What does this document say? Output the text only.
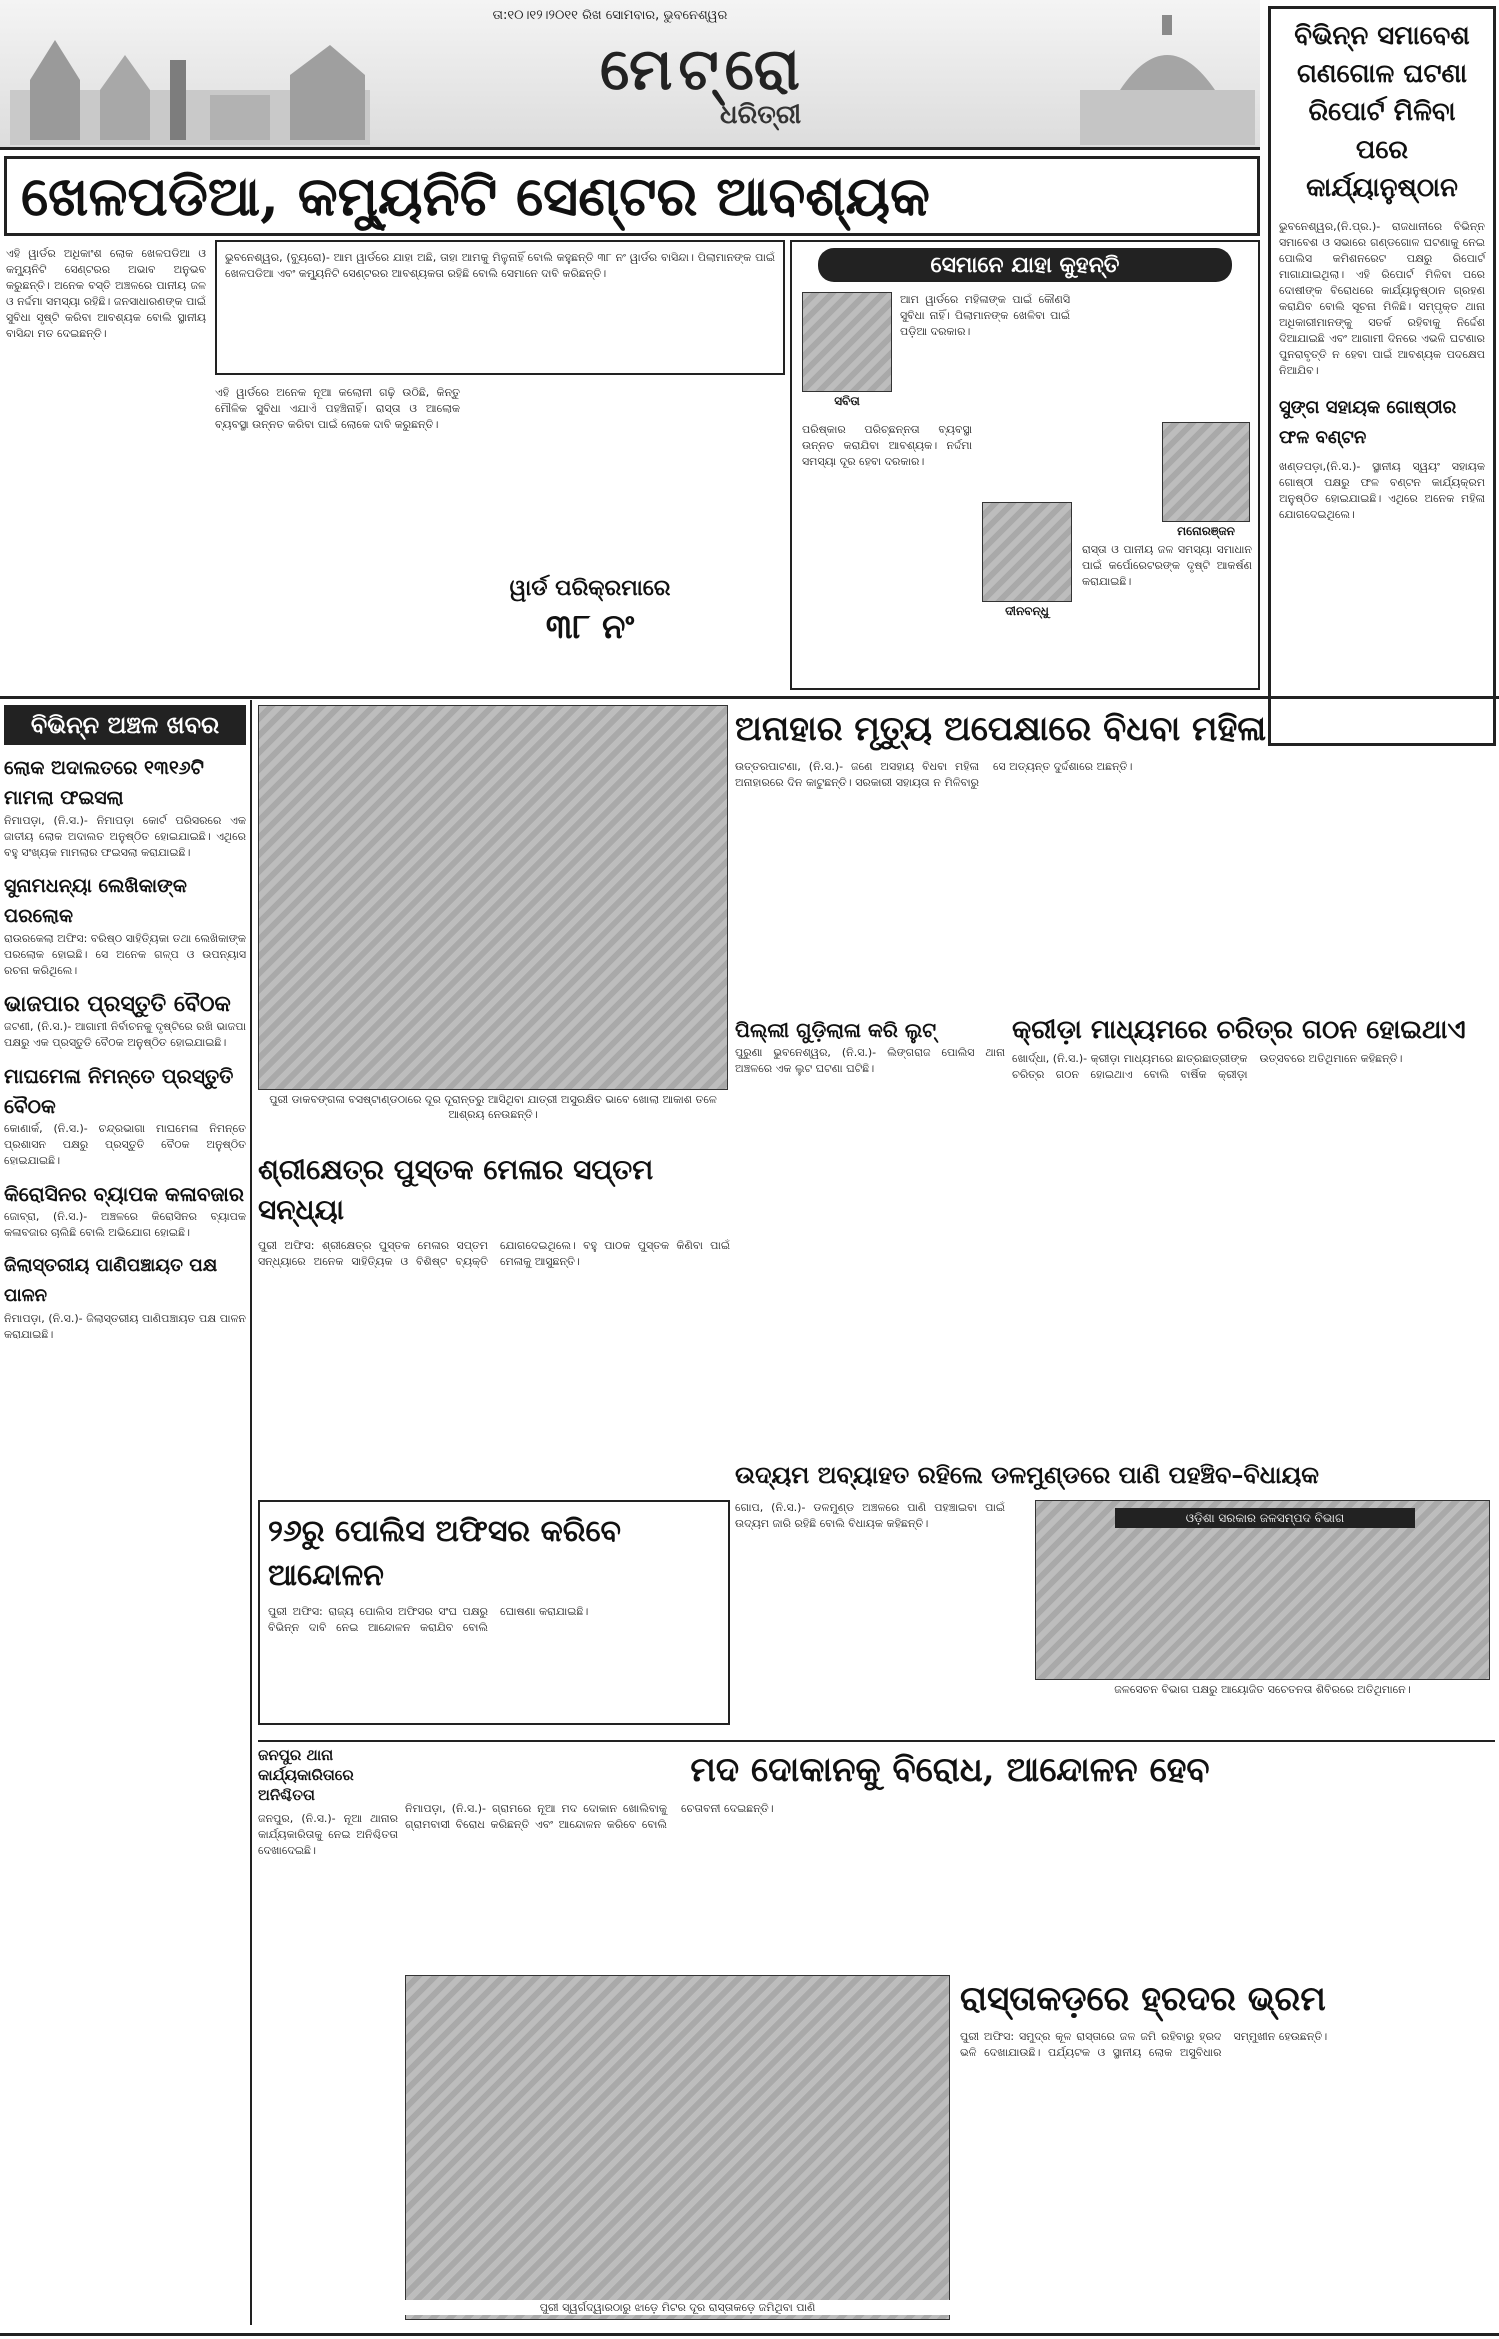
ତା:୧୦।୧୨।୨୦୧୧ ରିଖ ସୋମବାର, ଭୁବନେଶ୍ୱର
ମେଟ୍ରୋ
ଧରିତ୍ରୀ
ବିଭିନ୍ନ ସମାବେଶ ଗଣଗୋଳ ଘଟଣା ରିପୋର୍ଟ ମିଳିବା ପରେ କାର୍ଯ୍ୟାନୁଷ୍ଠାନ
ଭୁବନେଶ୍ୱର,(ନି.ପ୍ର.)- ରାଜଧାନୀରେ ବିଭିନ୍ନ ସମାବେଶ ଓ ସଭାରେ ଗଣ୍ଡଗୋଳ ଘଟଣାକୁ ନେଇ ପୋଲିସ କମିଶନରେଟ ପକ୍ଷରୁ ରିପୋର୍ଟ ମାଗାଯାଇଥିଲା। ଏହି ରିପୋର୍ଟ ମିଳିବା ପରେ ଦୋଷୀଙ୍କ ବିରୋଧରେ କାର୍ଯ୍ୟାନୁଷ୍ଠାନ ଗ୍ରହଣ କରାଯିବ ବୋଲି ସୂଚନା ମିଳିଛି। ସମ୍ପୃକ୍ତ ଥାନା ଅଧିକାରୀମାନଙ୍କୁ ସତର୍କ ରହିବାକୁ ନିର୍ଦ୍ଦେଶ ଦିଆଯାଇଛି ଏବଂ ଆଗାମୀ ଦିନରେ ଏଭଳି ଘଟଣାର ପୁନରାବୃତ୍ତି ନ ହେବା ପାଇଁ ଆବଶ୍ୟକ ପଦକ୍ଷେପ ନିଆଯିବ।
ସୁଙ୍ଗ ସହାୟକ ଗୋଷ୍ଠୀର ଫଳ ବଣ୍ଟନ
ଖଣ୍ଡପଡ଼ା,(ନି.ସ.)- ସ୍ଥାନୀୟ ସ୍ୱୟଂ ସହାୟକ ଗୋଷ୍ଠୀ ପକ୍ଷରୁ ଫଳ ବଣ୍ଟନ କାର୍ଯ୍ୟକ୍ରମ ଅନୁଷ୍ଠିତ ହୋଇଯାଇଛି। ଏଥିରେ ଅନେକ ମହିଳା ଯୋଗଦେଇଥିଲେ।
ଖେଳପଡିଆ, କମ୍ୟୁନିଟି ସେଣ୍ଟର ଆବଶ୍ୟକ
ଏହି ୱାର୍ଡର ଅଧିକାଂଶ ଲୋକ ଖେଳପଡିଆ ଓ କମ୍ୟୁନିଟି ସେଣ୍ଟରର ଅଭାବ ଅନୁଭବ କରୁଛନ୍ତି। ଅନେକ ବସ୍ତି ଅଞ୍ଚଳରେ ପାନୀୟ ଜଳ ଓ ନର୍ଦ୍ଦମା ସମସ୍ୟା ରହିଛି। ଜନସାଧାରଣଙ୍କ ପାଇଁ ସୁବିଧା ସୃଷ୍ଟି କରିବା ଆବଶ୍ୟକ ବୋଲି ସ୍ଥାନୀୟ ବାସିନ୍ଦା ମତ ଦେଇଛନ୍ତି।
ଭୁବନେଶ୍ୱର, (ବ୍ୟୁରୋ)- ଆମ ୱାର୍ଡରେ ଯାହା ଅଛି, ତାହା ଆମକୁ ମିଳୁନାହିଁ ବୋଲି କହୁଛନ୍ତି ୩୮ ନଂ ୱାର୍ଡର ବାସିନ୍ଦା। ପିଲାମାନଙ୍କ ପାଇଁ ଖେଳପଡିଆ ଏବଂ କମ୍ୟୁନିଟି ସେଣ୍ଟରର ଆବଶ୍ୟକତା ରହିଛି ବୋଲି ସେମାନେ ଦାବି କରିଛନ୍ତି।
ଏହି ୱାର୍ଡରେ ଅନେକ ନୂଆ କଲୋନୀ ଗଢ଼ି ଉଠିଛି, କିନ୍ତୁ ମୌଳିକ ସୁବିଧା ଏଯାଏଁ ପହଞ୍ଚିନାହିଁ। ରାସ୍ତା ଓ ଆଲୋକ ବ୍ୟବସ୍ଥା ଉନ୍ନତ କରିବା ପାଇଁ ଲୋକେ ଦାବି କରୁଛନ୍ତି।
ୱାର୍ଡ ପରିକ୍ରମାରେ
୩୮ ନଂ
ସେମାନେ ଯାହା କୁହନ୍ତି
ସବିତା
ଆମ ୱାର୍ଡରେ ମହିଳାଙ୍କ ପାଇଁ କୌଣସି ସୁବିଧା ନାହିଁ। ପିଲାମାନଙ୍କ ଖେଳିବା ପାଇଁ ପଡ଼ିଆ ଦରକାର।
ପରିଷ୍କାର ପରିଚ୍ଛନ୍ନତା ବ୍ୟବସ୍ଥା ଉନ୍ନତ କରାଯିବା ଆବଶ୍ୟକ। ନର୍ଦ୍ଦମା ସମସ୍ୟା ଦୂର ହେବା ଦରକାର।
ଦୀନବନ୍ଧୁ
ମନୋରଞ୍ଜନ
ରାସ୍ତା ଓ ପାନୀୟ ଜଳ ସମସ୍ୟା ସମାଧାନ ପାଇଁ କର୍ପୋରେଟରଙ୍କ ଦୃଷ୍ଟି ଆକର୍ଷଣ କରାଯାଇଛି।
ବିଭିନ୍ନ ଅଞ୍ଚଳ ଖବର
ଲୋକ ଅଦାଲତରେ ୧୩୧୬ଟି ମାମଲା ଫଇସଲା
ନିମାପଡ଼ା, (ନି.ସ.)- ନିମାପଡ଼ା କୋର୍ଟ ପରିସରରେ ଏକ ଜାତୀୟ ଲୋକ ଅଦାଲତ ଅନୁଷ୍ଠିତ ହୋଇଯାଇଛି। ଏଥିରେ ବହୁ ସଂଖ୍ୟକ ମାମଲାର ଫଇସଲା କରାଯାଇଛି।
ସୁନାମଧନ୍ୟା ଲେଖିକାଙ୍କ ପରଲୋକ
ରାଉରକେଲା ଅଫିସ: ବରିଷ୍ଠ ସାହିତ୍ୟିକା ତଥା ଲେଖିକାଙ୍କ ପରଲୋକ ହୋଇଛି। ସେ ଅନେକ ଗଳ୍ପ ଓ ଉପନ୍ୟାସ ରଚନା କରିଥିଲେ।
ଭାଜପାର ପ୍ରସ୍ତୁତି ବୈଠକ
ଜଟଣୀ, (ନି.ସ.)- ଆଗାମୀ ନିର୍ବାଚନକୁ ଦୃଷ୍ଟିରେ ରଖି ଭାଜପା ପକ୍ଷରୁ ଏକ ପ୍ରସ୍ତୁତି ବୈଠକ ଅନୁଷ୍ଠିତ ହୋଇଯାଇଛି।
ମାଘମେଳା ନିମନ୍ତେ ପ୍ରସ୍ତୁତି ବୈଠକ
କୋଣାର୍କ, (ନି.ସ.)- ଚନ୍ଦ୍ରଭାଗା ମାଘମେଳା ନିମନ୍ତେ ପ୍ରଶାସନ ପକ୍ଷରୁ ପ୍ରସ୍ତୁତି ବୈଠକ ଅନୁଷ୍ଠିତ ହୋଇଯାଇଛି।
କିରୋସିନର ବ୍ୟାପକ କଳାବଜାର
ଜୋବ୍ରା, (ନି.ସ.)- ଅଞ୍ଚଳରେ କିରୋସିନର ବ୍ୟାପକ କଳାବଜାର ଚାଲିଛି ବୋଲି ଅଭିଯୋଗ ହୋଇଛି।
ଜିଲାସ୍ତରୀୟ ପାଣିପଞ୍ଚାୟତ ପକ୍ଷ ପାଳନ
ନିମାପଡ଼ା, (ନି.ସ.)- ଜିଲାସ୍ତରୀୟ ପାଣିପଞ୍ଚାୟତ ପକ୍ଷ ପାଳନ କରାଯାଇଛି।
ପୁରୀ ଡାକବଙ୍ଗଳା ବସଷ୍ଟାଣ୍ଡଠାରେ ଦୂର ଦୂରାନ୍ତରୁ ଆସିଥିବା ଯାତ୍ରୀ ଅସୁରକ୍ଷିତ ଭାବେ ଖୋଲା ଆକାଶ ତଳେ ଆଶ୍ରୟ ନେଉଛନ୍ତି।
ଅନାହାର ମୃତ୍ୟୁ ଅପେକ୍ଷାରେ ବିଧବା ମହିଳା
ଉତ୍ତରପାଟଣା, (ନି.ସ.)- ଜଣେ ଅସହାୟ ବିଧବା ମହିଳା ଅନାହାରରେ ଦିନ କାଟୁଛନ୍ତି। ସରକାରୀ ସହାୟତା ନ ମିଳିବାରୁ ସେ ଅତ୍ୟନ୍ତ ଦୁର୍ଦ୍ଦଶାରେ ଅଛନ୍ତି।
ପିଲ୍ଲୀ ଗୁଡ଼ିଲାଳା କରି ଲୁଟ୍
ପୁରୁଣା ଭୁବନେଶ୍ୱର, (ନି.ସ.)- ଲିଙ୍ଗରାଜ ପୋଲିସ ଥାନା ଅଞ୍ଚଳରେ ଏକ ଲୁଟ ଘଟଣା ଘଟିଛି।
କ୍ରୀଡ଼ା ମାଧ୍ୟମରେ ଚରିତ୍ର ଗଠନ ହୋଇଥାଏ
ଖୋର୍ଦ୍ଧା, (ନି.ସ.)- କ୍ରୀଡ଼ା ମାଧ୍ୟମରେ ଛାତ୍ରଛାତ୍ରୀଙ୍କ ଚରିତ୍ର ଗଠନ ହୋଇଥାଏ ବୋଲି ବାର୍ଷିକ କ୍ରୀଡ଼ା ଉତ୍ସବରେ ଅତିଥିମାନେ କହିଛନ୍ତି।
ଶ୍ରୀକ୍ଷେତ୍ର ପୁସ୍ତକ ମେଳାର ସପ୍ତମ ସନ୍ଧ୍ୟା
ପୁରୀ ଅଫିସ: ଶ୍ରୀକ୍ଷେତ୍ର ପୁସ୍ତକ ମେଳାର ସପ୍ତମ ସନ୍ଧ୍ୟାରେ ଅନେକ ସାହିତ୍ୟିକ ଓ ବିଶିଷ୍ଟ ବ୍ୟକ୍ତି ଯୋଗଦେଇଥିଲେ। ବହୁ ପାଠକ ପୁସ୍ତକ କିଣିବା ପାଇଁ ମେଳାକୁ ଆସୁଛନ୍ତି।
ଉଦ୍ୟମ ଅବ୍ୟାହତ ରହିଲେ ଡଳମୁଣ୍ଡରେ ପାଣି ପହଞ୍ଚିବ–ବିଧାୟକ
ଗୋପ, (ନି.ସ.)- ଡଳମୁଣ୍ଡ ଅଞ୍ଚଳରେ ପାଣି ପହଞ୍ଚାଇବା ପାଇଁ ଉଦ୍ୟମ ଜାରି ରହିଛି ବୋଲି ବିଧାୟକ କହିଛନ୍ତି।	ଓଡ଼ିଶା ସରକାର ଜଳସମ୍ପଦ ବିଭାଗ
ଜଳସେଚନ ବିଭାଗ ପକ୍ଷରୁ ଆୟୋଜିତ ସଚେତନତା ଶିବିରରେ ଅତିଥିମାନେ।
୨୬ରୁ ପୋଲିସ ଅଫିସର କରିବେ ଆନ୍ଦୋଳନ
ପୁରୀ ଅଫିସ: ରାଜ୍ୟ ପୋଲିସ ଅଫିସର ସଂଘ ପକ୍ଷରୁ ବିଭିନ୍ନ ଦାବି ନେଇ ଆନ୍ଦୋଳନ କରାଯିବ ବୋଲି ଘୋଷଣା କରାଯାଇଛି।
ଜନପୁର ଥାନା କାର୍ଯ୍ୟକାରିତାରେ ଅନିଶ୍ଚିତତା
ଜନପୁର, (ନି.ସ.)- ନୂଆ ଥାନାର କାର୍ଯ୍ୟକାରିତାକୁ ନେଇ ଅନିଶ୍ଚିତତା ଦେଖାଦେଇଛି।
ମଦ ଦୋକାନକୁ ବିରୋଧ, ଆନ୍ଦୋଳନ ହେବ
ନିମାପଡ଼ା, (ନି.ସ.)- ଗ୍ରାମରେ ନୂଆ ମଦ ଦୋକାନ ଖୋଲିବାକୁ ଗ୍ରାମବାସୀ ବିରୋଧ କରିଛନ୍ତି ଏବଂ ଆନ୍ଦୋଳନ କରିବେ ବୋଲି ଚେତାବନୀ ଦେଇଛନ୍ତି।
ପୁରୀ ସ୍ୱର୍ଗଦ୍ୱାରଠାରୁ ଝାଡ଼େ ମିଟର ଦୂର ରାସ୍ତାକଡ଼େ ଜମିଥିବା ପାଣି
ରାସ୍ତାକଡ଼ରେ ହ୍ରଦର ଭ୍ରମ
ପୁରୀ ଅଫିସ: ସମୁଦ୍ର କୂଳ ରାସ୍ତାରେ ଜଳ ଜମି ରହିବାରୁ ହ୍ରଦ ଭଳି ଦେଖାଯାଉଛି। ପର୍ଯ୍ୟଟକ ଓ ସ୍ଥାନୀୟ ଲୋକ ଅସୁବିଧାର ସମ୍ମୁଖୀନ ହେଉଛନ୍ତି।
